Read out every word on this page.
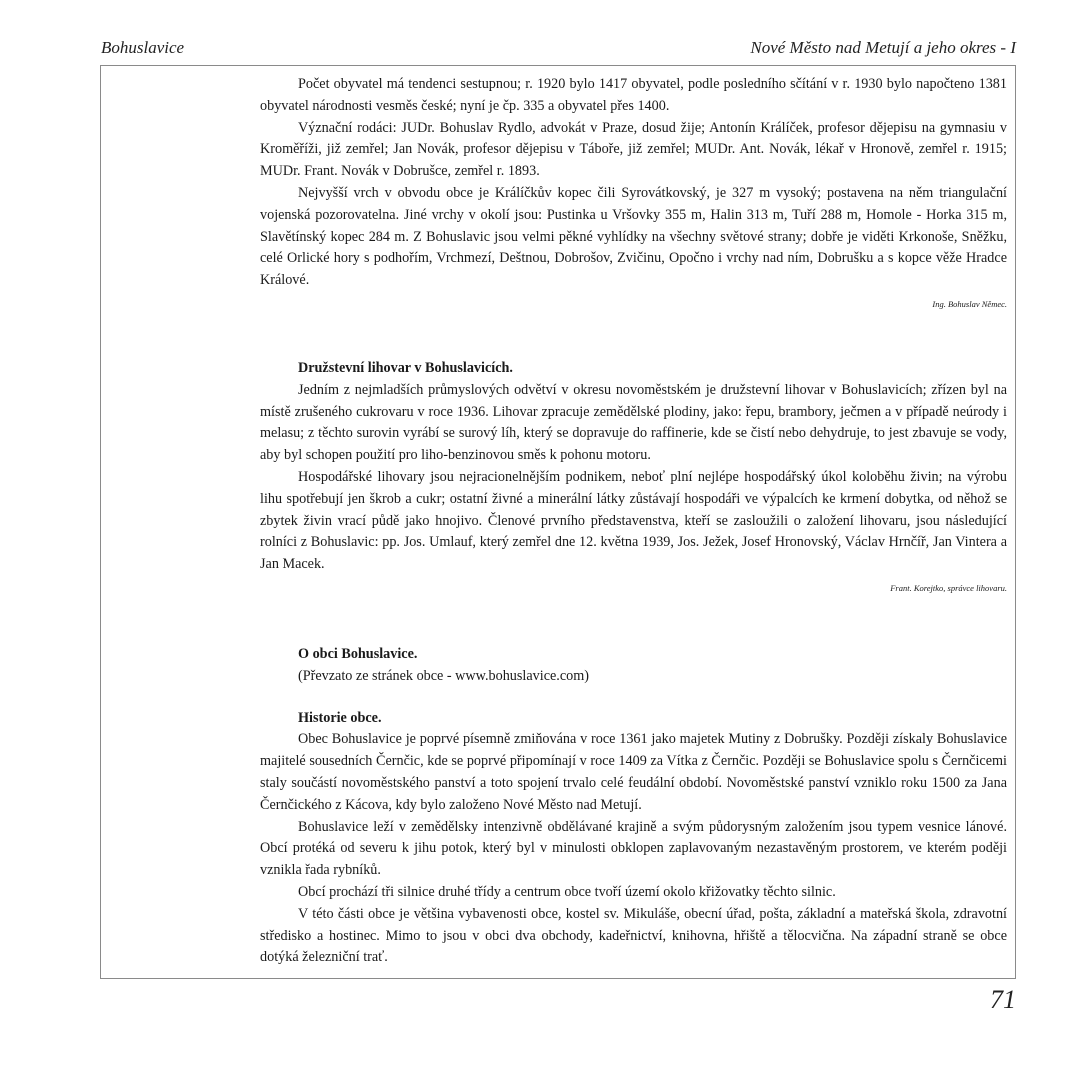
Bohuslavice	Nové Město nad Metují a jeho okres - I

Počet obyvatel má tendenci sestupnou; r. 1920 bylo 1417 obyvatel, podle posledního sčítání v r. 1930 bylo napočteno 1381 obyvatel národnosti vesměs české; nyní je čp. 335 a obyvatel přes 1400.

Význační rodáci: JUDr. Bohuslav Rydlo, advokát v Praze, dosud žije; Antonín Králíček, profesor dějepisu na gymnasiu v Kroměříži, již zemřel; Jan Novák, profesor dějepisu v Táboře, již zemřel; MUDr. Ant. Novák, lékař v Hronově, zemřel r. 1915; MUDr. Frant. Novák v Dobrušce, zemřel r. 1893.

Nejvyšší vrch v obvodu obce je Králíčkův kopec čili Syrovátkovský, je 327 m vysoký; postavena na něm triangulační vojenská pozorovatelna. Jiné vrchy v okolí jsou: Pustinka u Vršovky 355 m, Halin 313 m, Tuří 288 m, Homole - Horka 315 m, Slavětínský kopec 284 m. Z Bohuslavic jsou velmi pěkné vyhlídky na všechny světové strany; dobře je viděti Krkonoše, Sněžku, celé Orlické hory s podhořím, Vrchmezí, Deštnou, Dobrošov, Zvičinu, Opočno i vrchy nad ním, Dobrušku a s kopce věže Hradce Králové.

Ing. Bohuslav Němec.
Družstevní lihovar v Bohuslavicích.

Jedním z nejmladších průmyslových odvětví v okresu novoměstském je družstevní lihovar v Bohuslavicích; zřízen byl na místě zrušeného cukrovaru v roce 1936. Lihovar zpracuje zemědělské plodiny, jako: řepu, brambory, ječmen a v případě neúrody i melasu; z těchto surovin vyrábí se surový líh, který se dopravuje do raffinerie, kde se čistí nebo dehydruje, to jest zbavuje se vody, aby byl schopen použití pro liho-benzinovou směs k pohonu motoru.

Hospodářské lihovary jsou nejracionelnějším podnikem, neboť plní nejlépe hospodářský úkol koloběhu živin; na výrobu lihu spotřebují jen škrob a cukr; ostatní živné a minerální látky zůstávají hospodáři ve výpalcích ke krmení dobytka, od něhož se zbytek živin vrací půdě jako hnojivo. Členové prvního představenstva, kteří se zasloužili o založení lihovaru, jsou následující rolníci z Bohuslavic: pp. Jos. Umlauf, který zemřel dne 12. května 1939, Jos. Ježek, Josef Hronovský, Václav Hrnčíř, Jan Vintera a Jan Macek.

Frant. Korejtko, správce lihovaru.
O obci Bohuslavice.

(Převzato ze stránek obce - www.bohuslavice.com)

Historie obce.

Obec Bohuslavice je poprvé písemně zmiňována v roce 1361 jako majetek Mutiny z Dobrušky. Později získaly Bohuslavice majitelé sousedních Černčic, kde se poprvé připomínají v roce 1409 za Vítka z Černčic. Později se Bohuslavice spolu s Černčicemi staly součástí novoměstského panství a toto spojení trvalo celé feudální období. Novoměstské panství vzniklo roku 1500 za Jana Černčického z Kácova, kdy bylo založeno Nové Město nad Metují.

Bohuslavice leží v zemědělsky intenzivně obdělávané krajině a svým půdorysným založením jsou typem vesnice lánové. Obcí protéká od severu k jihu potok, který byl v minulosti obklopen zaplavovaným nezastavěným prostorem, ve kterém poději vznikla řada rybníků.

Obcí prochází tři silnice druhé třídy a centrum obce tvoří území okolo křižovatky těchto silnic.

V této části obce je většina vybavenosti obce, kostel sv. Mikuláše, obecní úřad, pošta, základní a mateřská škola, zdravotní středisko a hostinec. Mimo to jsou v obci dva obchody, kadeřnictví, knihovna, hřiště a tělocvična. Na západní straně se obce dotýká železniční trať.

71
